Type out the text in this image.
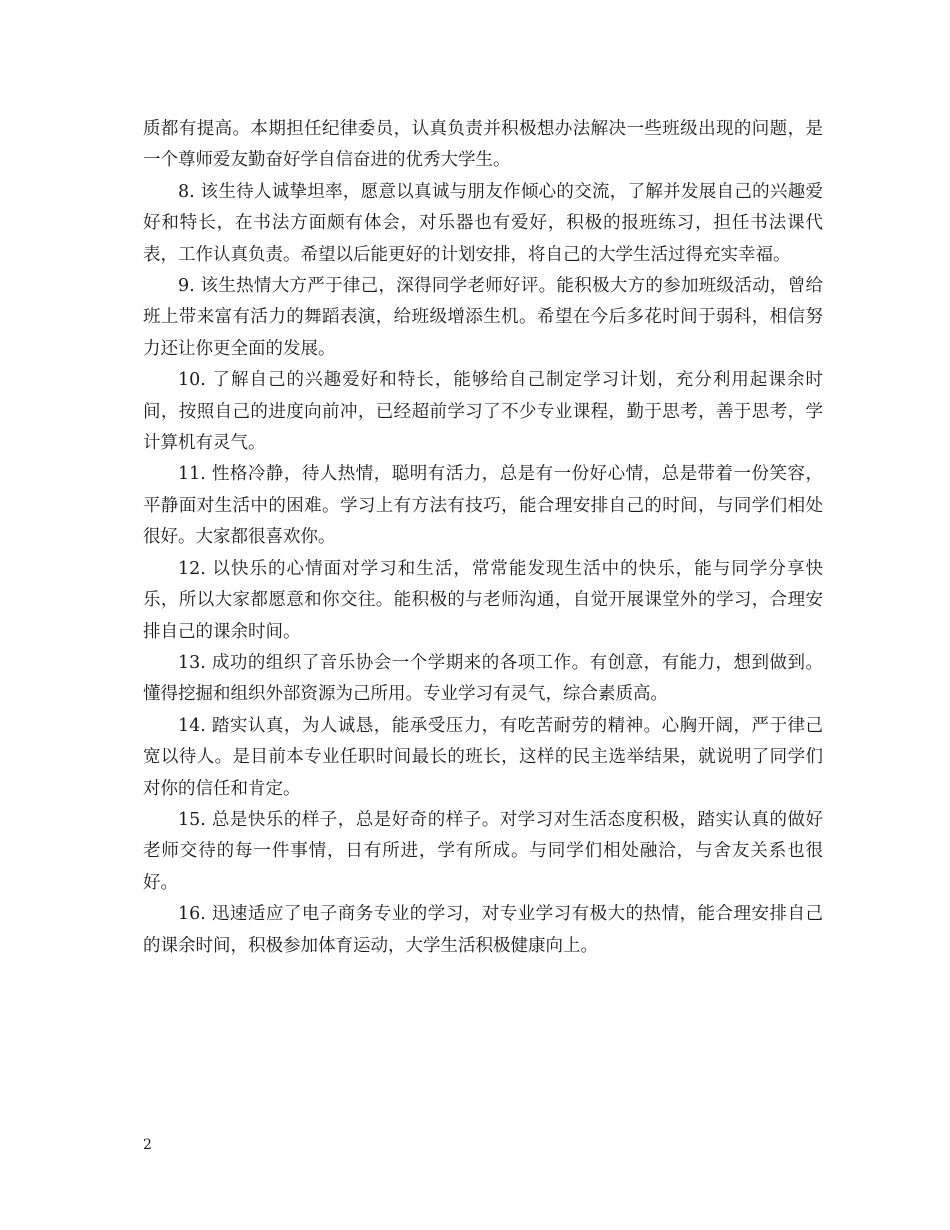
质都有提高。本期担任纪律委员，认真负责并积极想办法解决一些班级出现的问题，是一个尊师爱友勤奋好学自信奋进的优秀大学生。

8. 该生待人诚挚坦率，愿意以真诚与朋友作倾心的交流，了解并发展自己的兴趣爱好和特长，在书法方面颇有体会，对乐器也有爱好，积极的报班练习，担任书法课代表，工作认真负责。希望以后能更好的计划安排，将自己的大学生活过得充实幸福。

9. 该生热情大方严于律己，深得同学老师好评。能积极大方的参加班级活动，曾给班上带来富有活力的舞蹈表演，给班级增添生机。希望在今后多花时间于弱科，相信努力还让你更全面的发展。

10. 了解自己的兴趣爱好和特长，能够给自己制定学习计划，充分利用起课余时间，按照自己的进度向前冲，已经超前学习了不少专业课程，勤于思考，善于思考，学计算机有灵气。

11. 性格冷静，待人热情，聪明有活力，总是有一份好心情，总是带着一份笑容，平静面对生活中的困难。学习上有方法有技巧，能合理安排自己的时间，与同学们相处很好。大家都很喜欢你。

12. 以快乐的心情面对学习和生活，常常能发现生活中的快乐，能与同学分享快乐，所以大家都愿意和你交往。能积极的与老师沟通，自觉开展课堂外的学习，合理安排自己的课余时间。

13. 成功的组织了音乐协会一个学期来的各项工作。有创意，有能力，想到做到。懂得挖掘和组织外部资源为己所用。专业学习有灵气，综合素质高。

14. 踏实认真，为人诚恳，能承受压力，有吃苦耐劳的精神。心胸开阔，严于律己宽以待人。是目前本专业任职时间最长的班长，这样的民主选举结果，就说明了同学们对你的信任和肯定。

15. 总是快乐的样子，总是好奇的样子。对学习对生活态度积极，踏实认真的做好老师交待的每一件事情，日有所进，学有所成。与同学们相处融洽，与舍友关系也很好。

16. 迅速适应了电子商务专业的学习，对专业学习有极大的热情，能合理安排自己的课余时间，积极参加体育运动，大学生活积极健康向上。

2
